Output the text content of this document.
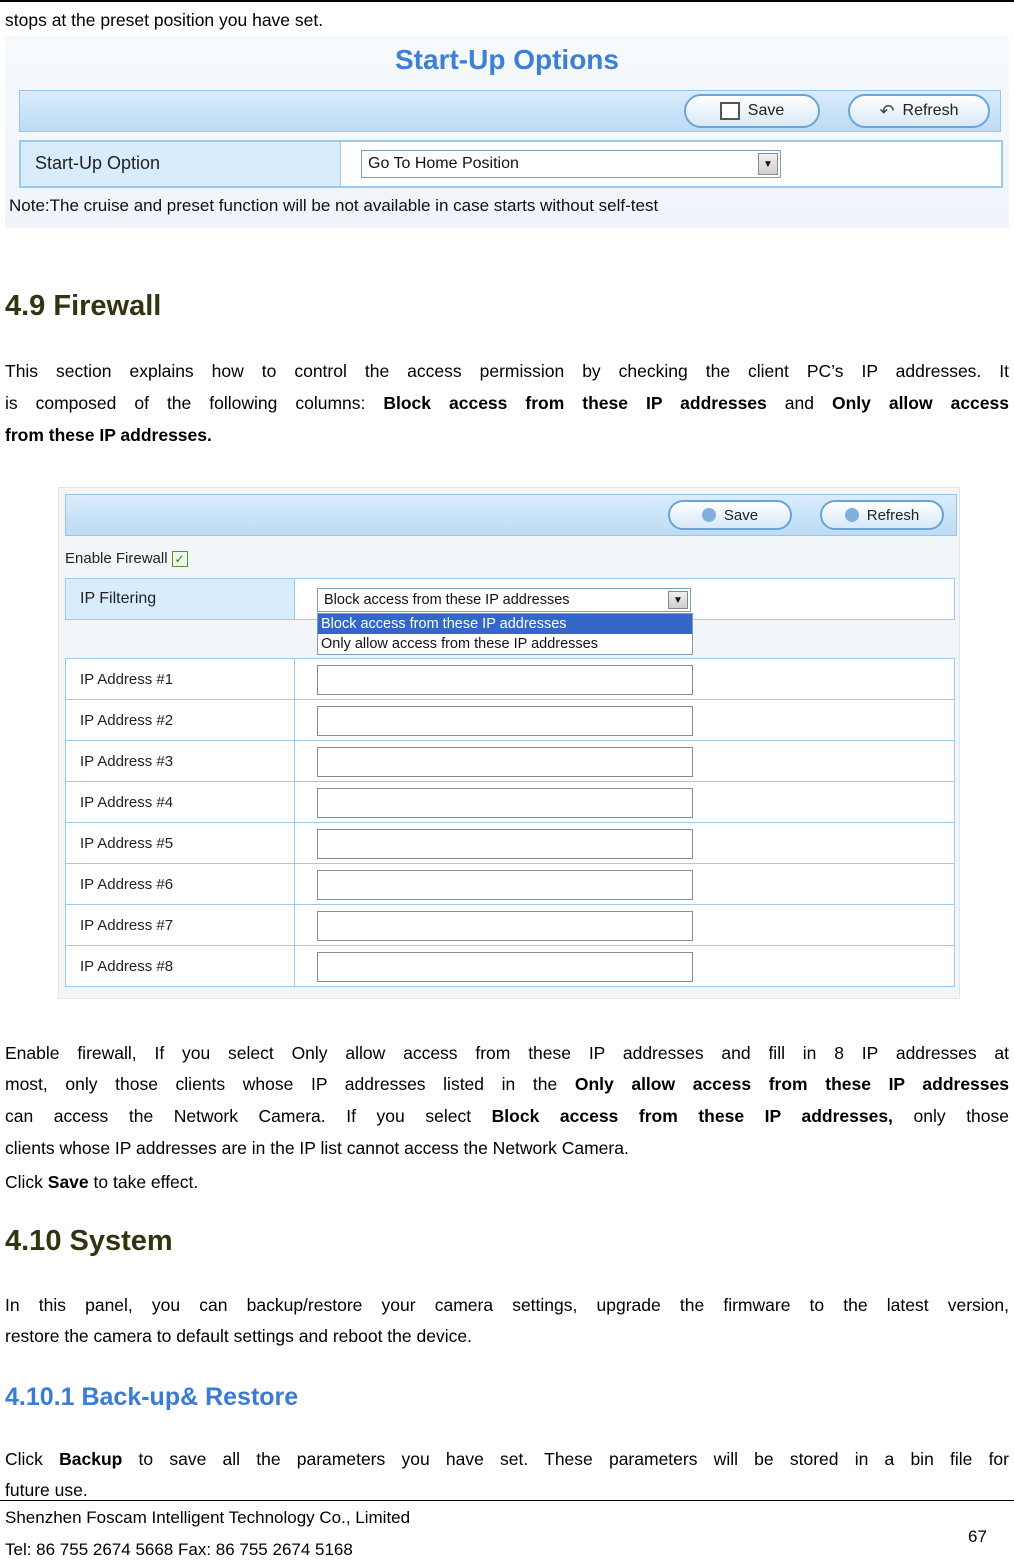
stops at the preset position you have set.
Start-Up Options
Save	↶ Refresh
Start-Up Option	Go To Home Position	▼
Note:The cruise and preset function will be not available in case starts without self-test
4.9 Firewall
This section explains how to control the access permission by checking the client PC’s IP addresses. It
is composed of the following columns: Block access from these IP addresses and Only allow access
from these IP addresses.
Save	Refresh
Enable Firewall ✓
IP Filtering	Block access from these IP addresses	▼
Block access from these IP addresses
Only allow access from these IP addresses
IP Address #1
IP Address #2
IP Address #3
IP Address #4
IP Address #5
IP Address #6
IP Address #7
IP Address #8
Enable firewall, If you select Only allow access from these IP addresses and fill in 8 IP addresses at
most, only those clients whose IP addresses listed in the Only allow access from these IP addresses
can access the Network Camera. If you select Block access from these IP addresses, only those
clients whose IP addresses are in the IP list cannot access the Network Camera.
Click Save to take effect.
4.10 System
In this panel, you can backup/restore your camera settings, upgrade the firmware to the latest version,
restore the camera to default settings and reboot the device.
4.10.1 Back-up& Restore
Click Backup to save all the parameters you have set. These parameters will be stored in a bin file for
future use.
Shenzhen Foscam Intelligent Technology Co., Limited
Tel: 86 755 2674 5668 Fax: 86 755 2674 5168
67
